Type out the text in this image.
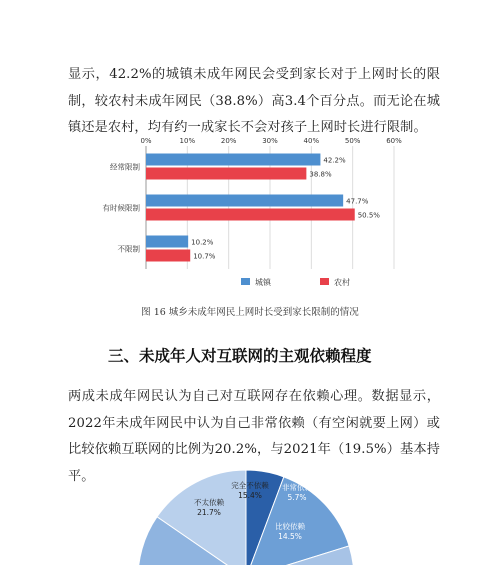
显示，42.2%的城镇未成年网民会受到家长对于上网时长的限制，较农村未成年网民（38.8%）高3.4个百分点。而无论在城镇还是农村，均有约一成家长不会对孩子上网时长进行限制。

0%	10%	20%	30%	40%	50%	60%
经常限制
有时候限制
不限制
42.2%
38.8%
47.7%
50.5%
10.2%
10.7%
城镇	农村
图 16 城乡未成年网民上网时长受到家长限制的情况
三、未成年人对互联网的主观依赖程度

两成未成年网民认为自己对互联网存在依赖心理。数据显示，2022年未成年网民中认为自己非常依赖（有空闲就要上网）或比较依赖互联网的比例为20.2%，与2021年（19.5%）基本持平。

非常依赖
5.7%
比较依赖
14.5%
不太依赖
21.7%
完全不依赖
15.4%
